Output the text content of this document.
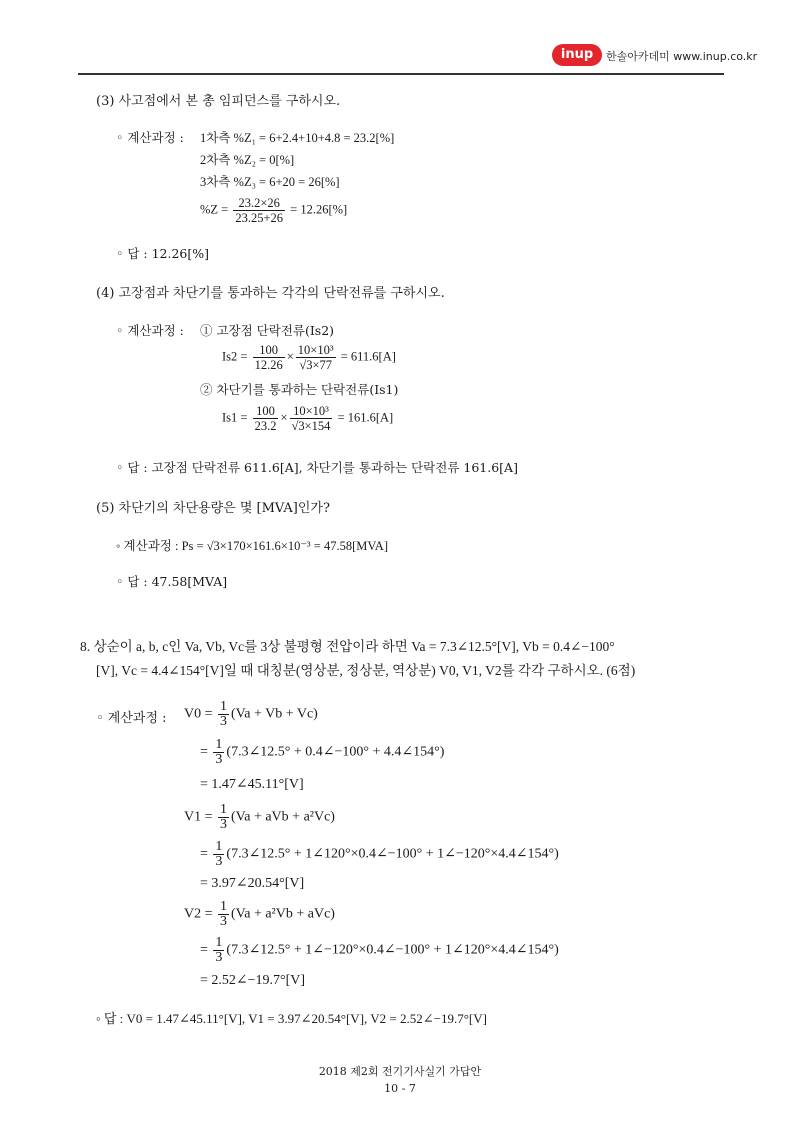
inup	한솔아카데미 www.inup.co.kr
(3) 사고점에서 본 총 임피던스를 구하시오.
◦ 계산과정 : 1차측 %Z₁ = 6+2.4+10+4.8 = 23.2[%]
2차측 %Z₂ = 0[%]
3차측 %Z₃ = 6+20 = 26[%]
$\%Z = \frac{23.2\times 26}{23.25+26} = 12.26[\%]$
◦ 답 : 12.26[%]
(4) 고장점과 차단기를 통과하는 각각의 단락전류를 구하시오.
◦ 계산과정 : ① 고장점 단락전류(Is2)
$Is2 = \frac{100}{12.26} \times \frac{\text{10×10³}}{√3\times 77} = 611.6[A]$
② 차단기를 통과하는 단락전류(Is1)
$Is1 = \frac{100}{23.2} \times \frac{\text{10×10³}}{√3\times 154} = 161.6[A]$
◦ 답 : 고장점 단락전류 611.6[A], 차단기를 통과하는 단락전류 161.6[A]
(5) 차단기의 차단용량은 몇 [MVA]인가?
◦ 계산과정 : Ps = √3×170×161.6×10⁻³ = 47.58[MVA]
◦ 답 : 47.58[MVA]
8. 상순이 a, b, c인 Va, Vb, Vc를 3상 불평형 전압이라 하면 Va = 7.3∠12.5°[V], Vb = 0.4∠−100°
[V], Vc = 4.4∠154°[V]일 때 대칭분(영상분, 정상분, 역상분) V0, V1, V2를 각각 구하시오. (6점)
◦ 계산과정 : $V0 = \frac{1}{3} (Va + Vb + Vc)$
= $\frac{1}{3}$ (7.3∠12.5° + 0.4∠−100° + 4.4∠154°)
= 1.47∠45.11°[V]
$V1 = \frac{1}{3} (Va$ + aVb + a²Vc)
= $\frac{1}{3}$ (7.3∠12.5° + 1∠120°×0.4∠−100° + 1∠−120°×4.4∠154°)
= 3.97∠20.54°[V]
$V2 = \frac{1}{3} (Va + a^2Vb + aVc)$
= $\frac{1}{3}$ (7.3∠12.5° + 1∠−120°×0.4∠−100° + 1∠120°×4.4∠154°)
= 2.52∠−19.7°[V]
◦ 답 : V0 = 1.47∠45.11°[V], V1 = 3.97∠20.54°[V], V2 = 2.52∠−19.7°[V]
2018 제2회 전기기사실기 가답안
10 - 7
